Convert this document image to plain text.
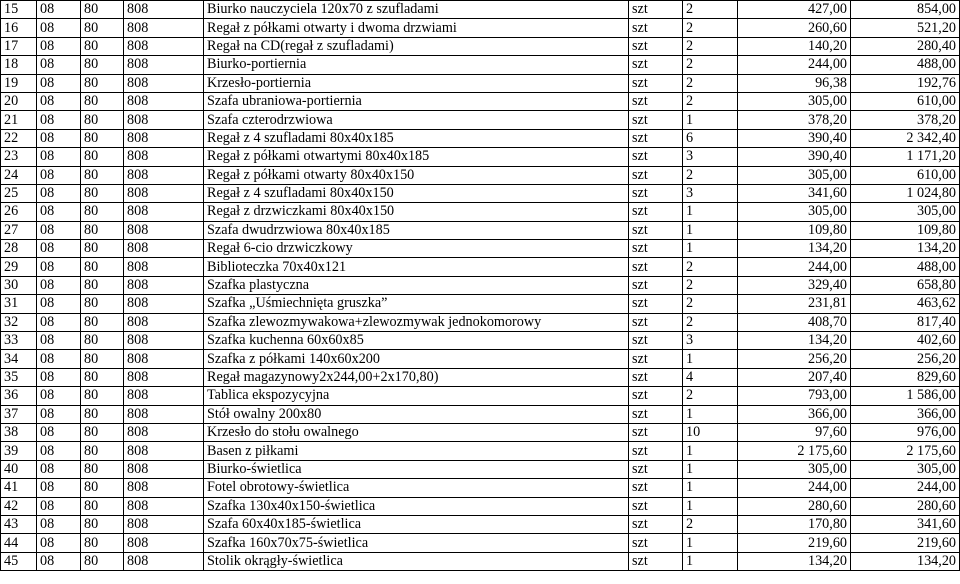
15	08	80	808	Biurko nauczyciela 120x70 z szufladami	szt	2	427,00	854,00
16	08	80	808	Regał z półkami otwarty i dwoma drzwiami	szt	2	260,60	521,20
17	08	80	808	Regał na CD(regał z szufladami)	szt	2	140,20	280,40
18	08	80	808	Biurko-portiernia	szt	2	244,00	488,00
19	08	80	808	Krzesło-portiernia	szt	2	96,38	192,76
20	08	80	808	Szafa ubraniowa-portiernia	szt	2	305,00	610,00
21	08	80	808	Szafa czterodrzwiowa	szt	1	378,20	378,20
22	08	80	808	Regał z 4 szufladami 80x40x185	szt	6	390,40	2 342,40
23	08	80	808	Regał z półkami otwartymi 80x40x185	szt	3	390,40	1 171,20
24	08	80	808	Regał z półkami otwarty 80x40x150	szt	2	305,00	610,00
25	08	80	808	Regał z 4 szufladami 80x40x150	szt	3	341,60	1 024,80
26	08	80	808	Regał z drzwiczkami 80x40x150	szt	1	305,00	305,00
27	08	80	808	Szafa dwudrzwiowa 80x40x185	szt	1	109,80	109,80
28	08	80	808	Regał 6-cio drzwiczkowy	szt	1	134,20	134,20
29	08	80	808	Biblioteczka 70x40x121	szt	2	244,00	488,00
30	08	80	808	Szafka plastyczna	szt	2	329,40	658,80
31	08	80	808	Szafka „Uśmiechnięta gruszka”	szt	2	231,81	463,62
32	08	80	808	Szafka zlewozmywakowa+zlewozmywak jednokomorowy	szt	2	408,70	817,40
33	08	80	808	Szafka kuchenna 60x60x85	szt	3	134,20	402,60
34	08	80	808	Szafka z półkami 140x60x200	szt	1	256,20	256,20
35	08	80	808	Regał magazynowy2x244,00+2x170,80)	szt	4	207,40	829,60
36	08	80	808	Tablica ekspozycyjna	szt	2	793,00	1 586,00
37	08	80	808	Stół owalny 200x80	szt	1	366,00	366,00
38	08	80	808	Krzesło do stołu owalnego	szt	10	97,60	976,00
39	08	80	808	Basen z piłkami	szt	1	2 175,60	2 175,60
40	08	80	808	Biurko-świetlica	szt	1	305,00	305,00
41	08	80	808	Fotel obrotowy-świetlica	szt	1	244,00	244,00
42	08	80	808	Szafka 130x40x150-świetlica	szt	1	280,60	280,60
43	08	80	808	Szafa 60x40x185-świetlica	szt	2	170,80	341,60
44	08	80	808	Szafka 160x70x75-świetlica	szt	1	219,60	219,60
45	08	80	808	Stolik okrągły-świetlica	szt	1	134,20	134,20
